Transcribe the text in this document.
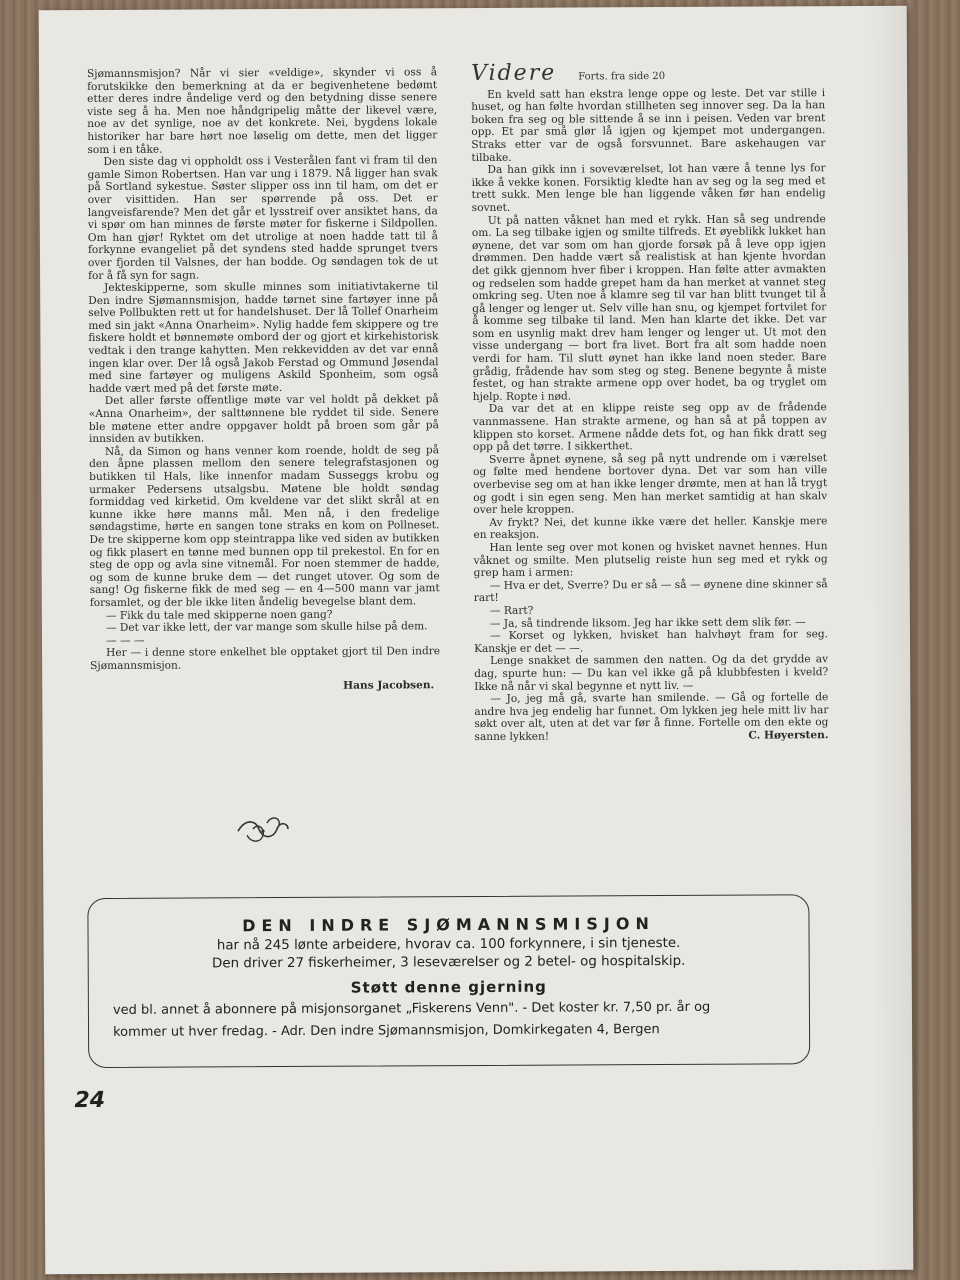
Sjømannsmisjon? Når vi sier «veldige», skynder vi oss å forutskikke den bemerkning at da er begivenhetene bedømt etter deres indre åndelige verd og den betydning disse senere viste seg å ha. Men noe håndgripelig måtte der likevel være, noe av det synlige, noe av det konkrete. Nei, bygdens lokale historiker har bare hørt noe løselig om dette, men det ligger som i en tåke.

Den siste dag vi oppholdt oss i Vesterålen fant vi fram til den gamle Simon Robertsen. Han var ung i 1879. Nå ligger han svak på Sortland sykestue. Søster slipper oss inn til ham, om det er over visittiden. Han ser spørrende på oss. Det er langveisfarende? Men det går et lysstreif over ansiktet hans, da vi spør om han minnes de første møter for fiskerne i Sildpollen. Om han gjør! Ryktet om det utrolige at noen hadde tatt til å forkynne evangeliet på det syndens sted hadde sprunget tvers over fjorden til Valsnes, der han bodde. Og søndagen tok de ut for å få syn for sagn.

Jekteskipperne, som skulle minnes som initiativtakerne til Den indre Sjømannsmisjon, hadde tørnet sine fartøyer inne på selve Pollbukten rett ut for handelshuset. Der lå Tollef Onarheim med sin jakt «Anna Onarheim». Nylig hadde fem skippere og tre fiskere holdt et bønnemøte ombord der og gjort et kirkehistorisk vedtak i den trange kahytten. Men rekkevidden av det var ennå ingen klar over. Der lå også Jakob Ferstad og Ommund Jøsendal med sine fartøyer og muligens Askild Sponheim, som også hadde vært med på det første møte.

Det aller første offentlige møte var vel holdt på dekket på «Anna Onarheim», der salttønnene ble ryddet til side. Senere ble møtene etter andre oppgaver holdt på broen som går på innsiden av butikken.

Nå, da Simon og hans venner kom roende, holdt de seg på den åpne plassen mellom den senere telegrafstasjonen og butikken til Hals, like innenfor madam Susseggs krobu og urmaker Pedersens utsalgsbu. Møtene ble holdt søndag formiddag ved kirketid. Om kveldene var det slikt skrål at en kunne ikke høre manns mål. Men nå, i den fredelige søndagstime, hørte en sangen tone straks en kom on Pollneset. De tre skipperne kom opp steintrappa like ved siden av butikken og fikk plasert en tønne med bunnen opp til prekestol. En for en steg de opp og avla sine vitnemål. For noen stemmer de hadde, og som de kunne bruke dem — det runget utover. Og som de sang! Og fiskerne fikk de med seg — en 4—500 mann var jamt forsamlet, og der ble ikke liten åndelig bevegelse blant dem.

— Fikk du tale med skipperne noen gang?

— Det var ikke lett, der var mange som skulle hilse på dem.

— — —

Her — i denne store enkelhet ble opptaket gjort til Den indre Sjømannsmisjon.

Hans Jacobsen.

Videre Forts. fra side 20

En kveld satt han ekstra lenge oppe og leste. Det var stille i huset, og han følte hvordan stillheten seg innover seg. Da la han boken fra seg og ble sittende å se inn i peisen. Veden var brent opp. Et par små glør lå igjen og kjempet mot undergangen. Straks etter var de også forsvunnet. Bare askehaugen var tilbake.

Da han gikk inn i soveværelset, lot han være å tenne lys for ikke å vekke konen. Forsiktig kledte han av seg og la seg med et trett sukk. Men lenge ble han liggende våken før han endelig sovnet.

Ut på natten våknet han med et rykk. Han så seg undrende om. La seg tilbake igjen og smilte tilfreds. Et øyeblikk lukket han øynene, det var som om han gjorde forsøk på å leve opp igjen drømmen. Den hadde vært så realistisk at han kjente hvordan det gikk gjennom hver fiber i kroppen. Han følte atter avmakten og redselen som hadde grepet ham da han merket at vannet steg omkring seg. Uten noe å klamre seg til var han blitt tvunget til å gå lenger og lenger ut. Selv ville han snu, og kjempet fortvilet for å komme seg tilbake til land. Men han klarte det ikke. Det var som en usynlig makt drev ham lenger og lenger ut. Ut mot den visse undergang — bort fra livet. Bort fra alt som hadde noen verdi for ham. Til slutt øynet han ikke land noen steder. Bare grådig, frådende hav som steg og steg. Benene begynte å miste festet, og han strakte armene opp over hodet, ba og tryglet om hjelp. Ropte i nød.

Da var det at en klippe reiste seg opp av de frådende vannmassene. Han strakte armene, og han så at på toppen av klippen sto korset. Armene nådde dets fot, og han fikk dratt seg opp på det tørre. I sikkerthet.

Sverre åpnet øynene, så seg på nytt undrende om i værelset og følte med hendene bortover dyna. Det var som han ville overbevise seg om at han ikke lenger drømte, men at han lå trygt og godt i sin egen seng. Men han merket samtidig at han skalv over hele kroppen.

Av frykt? Nei, det kunne ikke være det heller. Kanskje mere en reaksjon.

Han lente seg over mot konen og hvisket navnet hennes. Hun våknet og smilte. Men plutselig reiste hun seg med et rykk og grep ham i armen:

— Hva er det, Sverre? Du er så — så — øynene dine skinner så rart!

— Rart?

— Ja, så tindrende liksom. Jeg har ikke sett dem slik før. —

— Korset og lykken, hvisket han halvhøyt fram for seg. Kanskje er det — —.

Lenge snakket de sammen den natten. Og da det grydde av dag, spurte hun: — Du kan vel ikke gå på klubbfesten i kveld? Ikke nå når vi skal begynne et nytt liv. —

— Jo, jeg må gå, svarte han smilende. — Gå og fortelle de andre hva jeg endelig har funnet. Om lykken jeg hele mitt liv har søkt over alt, uten at det var før å finne. Fortelle om den ekte og sanne lykken!	C. Høyersten.

DEN INDRE SJØMANNSMISJON
har nå 245 lønte arbeidere, hvorav ca. 100 forkynnere, i sin tjeneste.
Den driver 27 fiskerheimer, 3 leseværelser og 2 betel- og hospitalskip.
Støtt denne gjerning
ved bl. annet å abonnere på misjonsorganet „Fiskerens Venn". - Det koster kr. 7,50 pr. år og
kommer ut hver fredag. - Adr. Den indre Sjømannsmisjon, Domkirkegaten 4, Bergen
24
